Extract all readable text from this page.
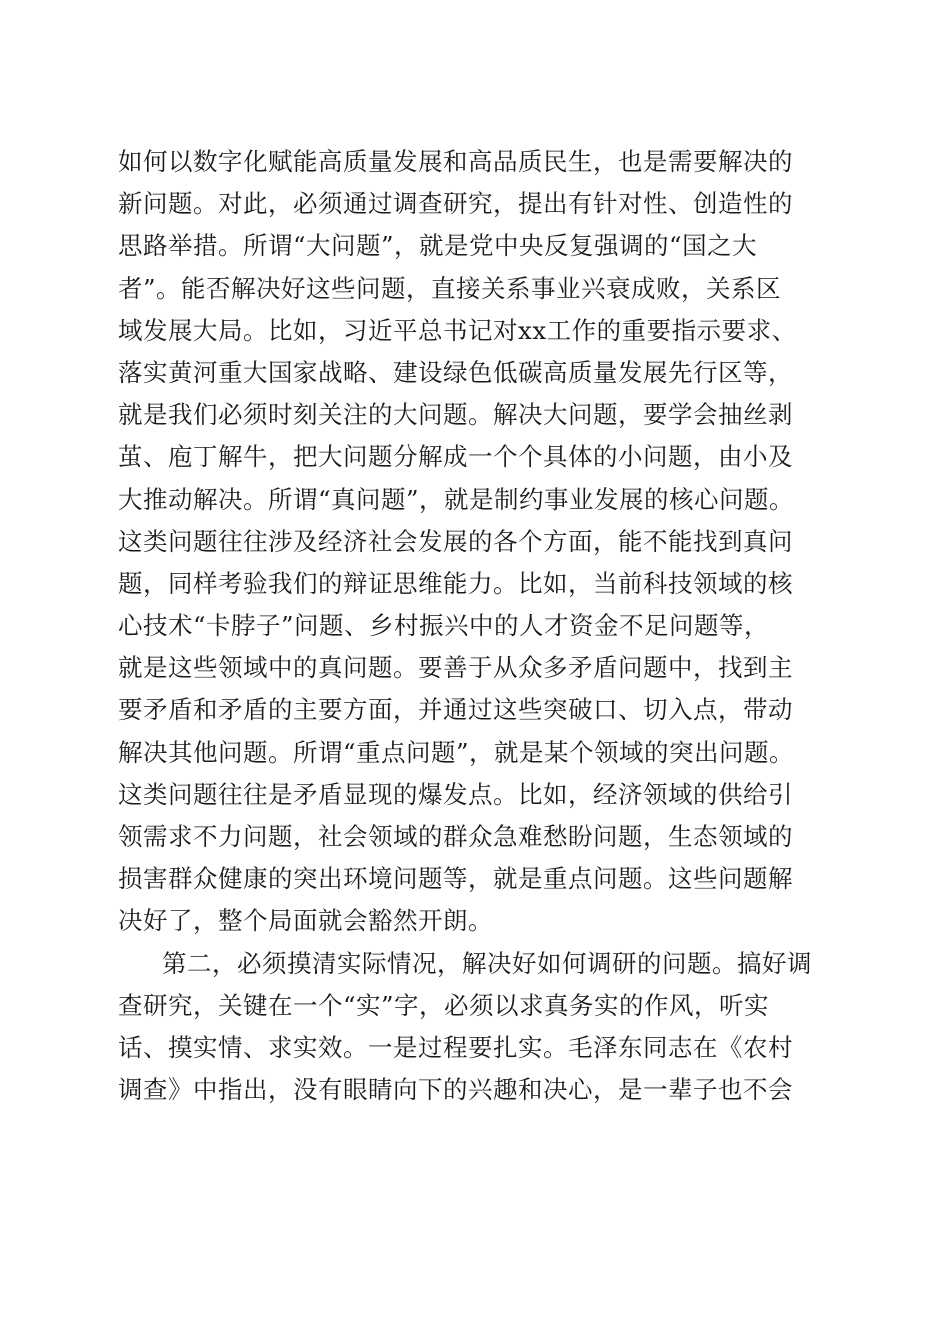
如何以数字化赋能高质量发展和高品质民生，也是需要解决的
新问题。对此，必须通过调查研究，提出有针对性、创造性的
思路举措。所谓“大问题”，就是党中央反复强调的“国之大
者”。能否解决好这些问题，直接关系事业兴衰成败，关系区
域发展大局。比如，习近平总书记对xx工作的重要指示要求、
落实黄河重大国家战略、建设绿色低碳高质量发展先行区等，
就是我们必须时刻关注的大问题。解决大问题，要学会抽丝剥
茧、庖丁解牛，把大问题分解成一个个具体的小问题，由小及
大推动解决。所谓“真问题”，就是制约事业发展的核心问题。
这类问题往往涉及经济社会发展的各个方面，能不能找到真问
题，同样考验我们的辩证思维能力。比如，当前科技领域的核
心技术“卡脖子”问题、乡村振兴中的人才资金不足问题等，
就是这些领域中的真问题。要善于从众多矛盾问题中，找到主
要矛盾和矛盾的主要方面，并通过这些突破口、切入点，带动
解决其他问题。所谓“重点问题”，就是某个领域的突出问题。
这类问题往往是矛盾显现的爆发点。比如，经济领域的供给引
领需求不力问题，社会领域的群众急难愁盼问题，生态领域的
损害群众健康的突出环境问题等，就是重点问题。这些问题解
决好了，整个局面就会豁然开朗。
第二，必须摸清实际情况，解决好如何调研的问题。搞好调
查研究，关键在一个“实”字，必须以求真务实的作风，听实
话、摸实情、求实效。一是过程要扎实。毛泽东同志在《农村
调查》中指出，没有眼睛向下的兴趣和决心，是一辈子也不会
